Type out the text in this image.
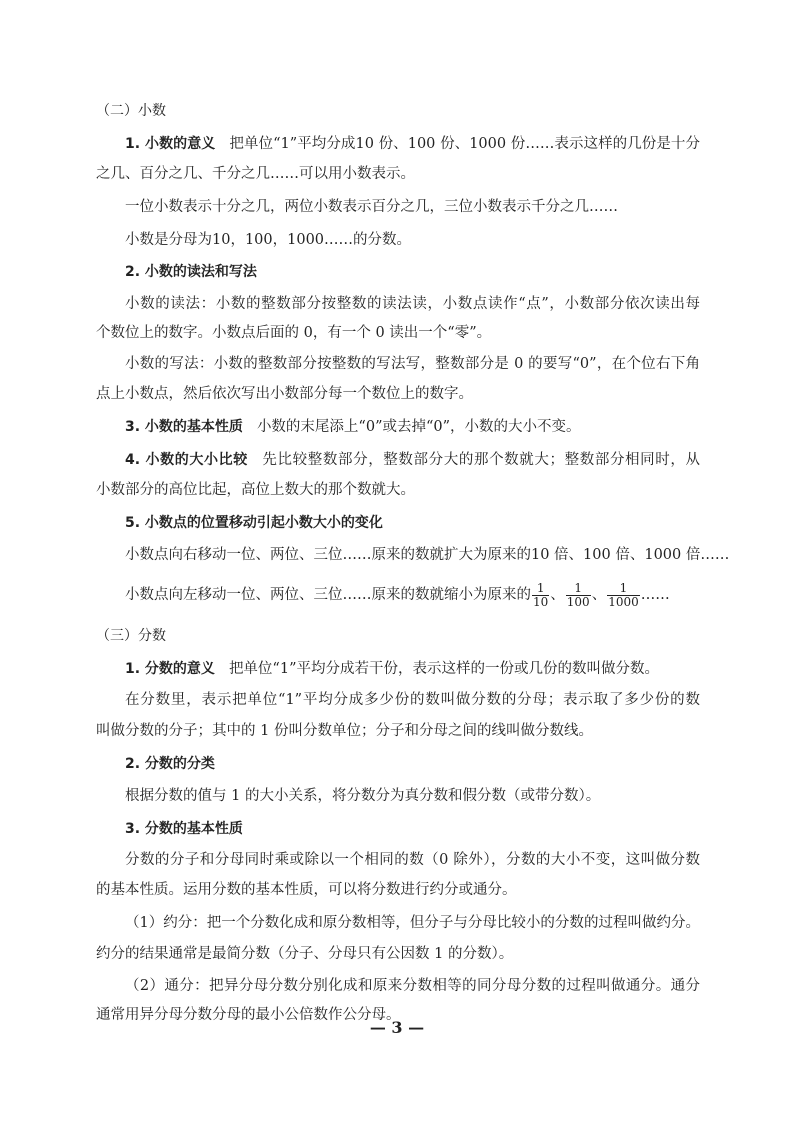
（二）小数
1. 小数的意义 把单位“1”平均分成10 份、100 份、1000 份……表示这样的几份是十分
之几、百分之几、千分之几……可以用小数表示。
一位小数表示十分之几，两位小数表示百分之几，三位小数表示千分之几……
小数是分母为10，100，1000……的分数。
2. 小数的读法和写法
小数的读法：小数的整数部分按整数的读法读，小数点读作“点”，小数部分依次读出每
个数位上的数字。小数点后面的 0，有一个 0 读出一个“零”。
小数的写法：小数的整数部分按整数的写法写，整数部分是 0 的要写“0”，在个位右下角
点上小数点，然后依次写出小数部分每一个数位上的数字。
3. 小数的基本性质 小数的末尾添上“0”或去掉“0”，小数的大小不变。
4. 小数的大小比较 先比较整数部分，整数部分大的那个数就大；整数部分相同时，从
小数部分的高位比起，高位上数大的那个数就大。
5. 小数点的位置移动引起小数大小的变化
小数点向右移动一位、两位、三位……原来的数就扩大为原来的10 倍、100 倍、1000 倍……
小数点向左移动一位、两位、三位……原来的数就缩小为原来的 $\frac{1}{10}$ 、 $\frac{1}{100}$ 、 $\frac{1}{1000}$ ……
（三）分数
1. 分数的意义 把单位“1”平均分成若干份，表示这样的一份或几份的数叫做分数。
在分数里，表示把单位“1”平均分成多少份的数叫做分数的分母；表示取了多少份的数
叫做分数的分子；其中的 1 份叫分数单位；分子和分母之间的线叫做分数线。
2. 分数的分类
根据分数的值与 1 的大小关系，将分数分为真分数和假分数（或带分数）。
3. 分数的基本性质
分数的分子和分母同时乘或除以一个相同的数（0 除外），分数的大小不变，这叫做分数
的基本性质。运用分数的基本性质，可以将分数进行约分或通分。
（1）约分：把一个分数化成和原分数相等，但分子与分母比较小的分数的过程叫做约分。
约分的结果通常是最简分数（分子、分母只有公因数 1 的分数）。
（2）通分：把异分母分数分别化成和原来分数相等的同分母分数的过程叫做通分。通分
通常用异分母分数分母的最小公倍数作公分母。
— 3 —
